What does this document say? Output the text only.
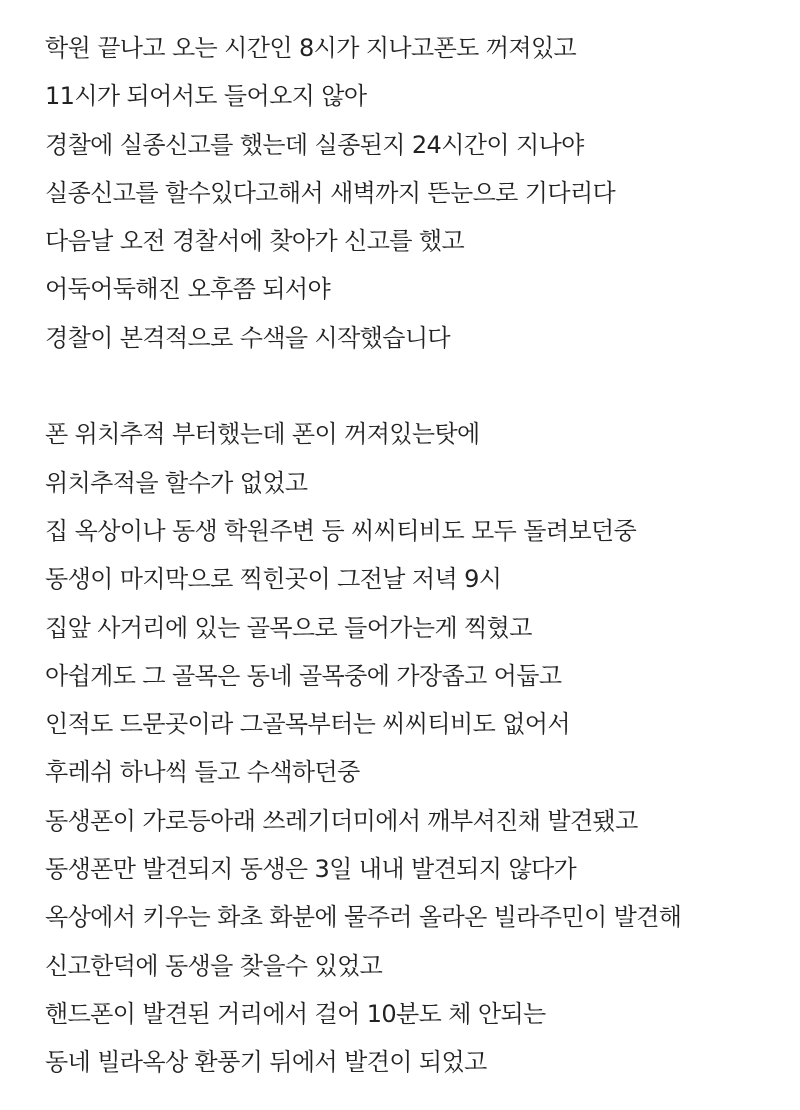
학원 끝나고 오는 시간인 8시가 지나고폰도 꺼져있고
11시가 되어서도 들어오지 않아
경찰에 실종신고를 했는데 실종된지 24시간이 지나야
실종신고를 할수있다고해서 새벽까지 뜬눈으로 기다리다
다음날 오전 경찰서에 찾아가 신고를 했고
어둑어둑해진 오후쯤 되서야
경찰이 본격적으로 수색을 시작했습니다
폰 위치추적 부터했는데 폰이 꺼져있는탓에
위치추적을 할수가 없었고
집 옥상이나 동생 학원주변 등 씨씨티비도 모두 돌려보던중
동생이 마지막으로 찍힌곳이 그전날 저녁 9시
집앞 사거리에 있는 골목으로 들어가는게 찍혔고
아쉽게도 그 골목은 동네 골목중에 가장좁고 어둡고
인적도 드문곳이라 그골목부터는 씨씨티비도 없어서
후레쉬 하나씩 들고 수색하던중
동생폰이 가로등아래 쓰레기더미에서 깨부셔진채 발견됐고
동생폰만 발견되지 동생은 3일 내내 발견되지 않다가
옥상에서 키우는 화초 화분에 물주러 올라온 빌라주민이 발견해
신고한덕에 동생을 찾을수 있었고
핸드폰이 발견된 거리에서 걸어 10분도 체 안되는
동네 빌라옥상 환풍기 뒤에서 발견이 되었고
